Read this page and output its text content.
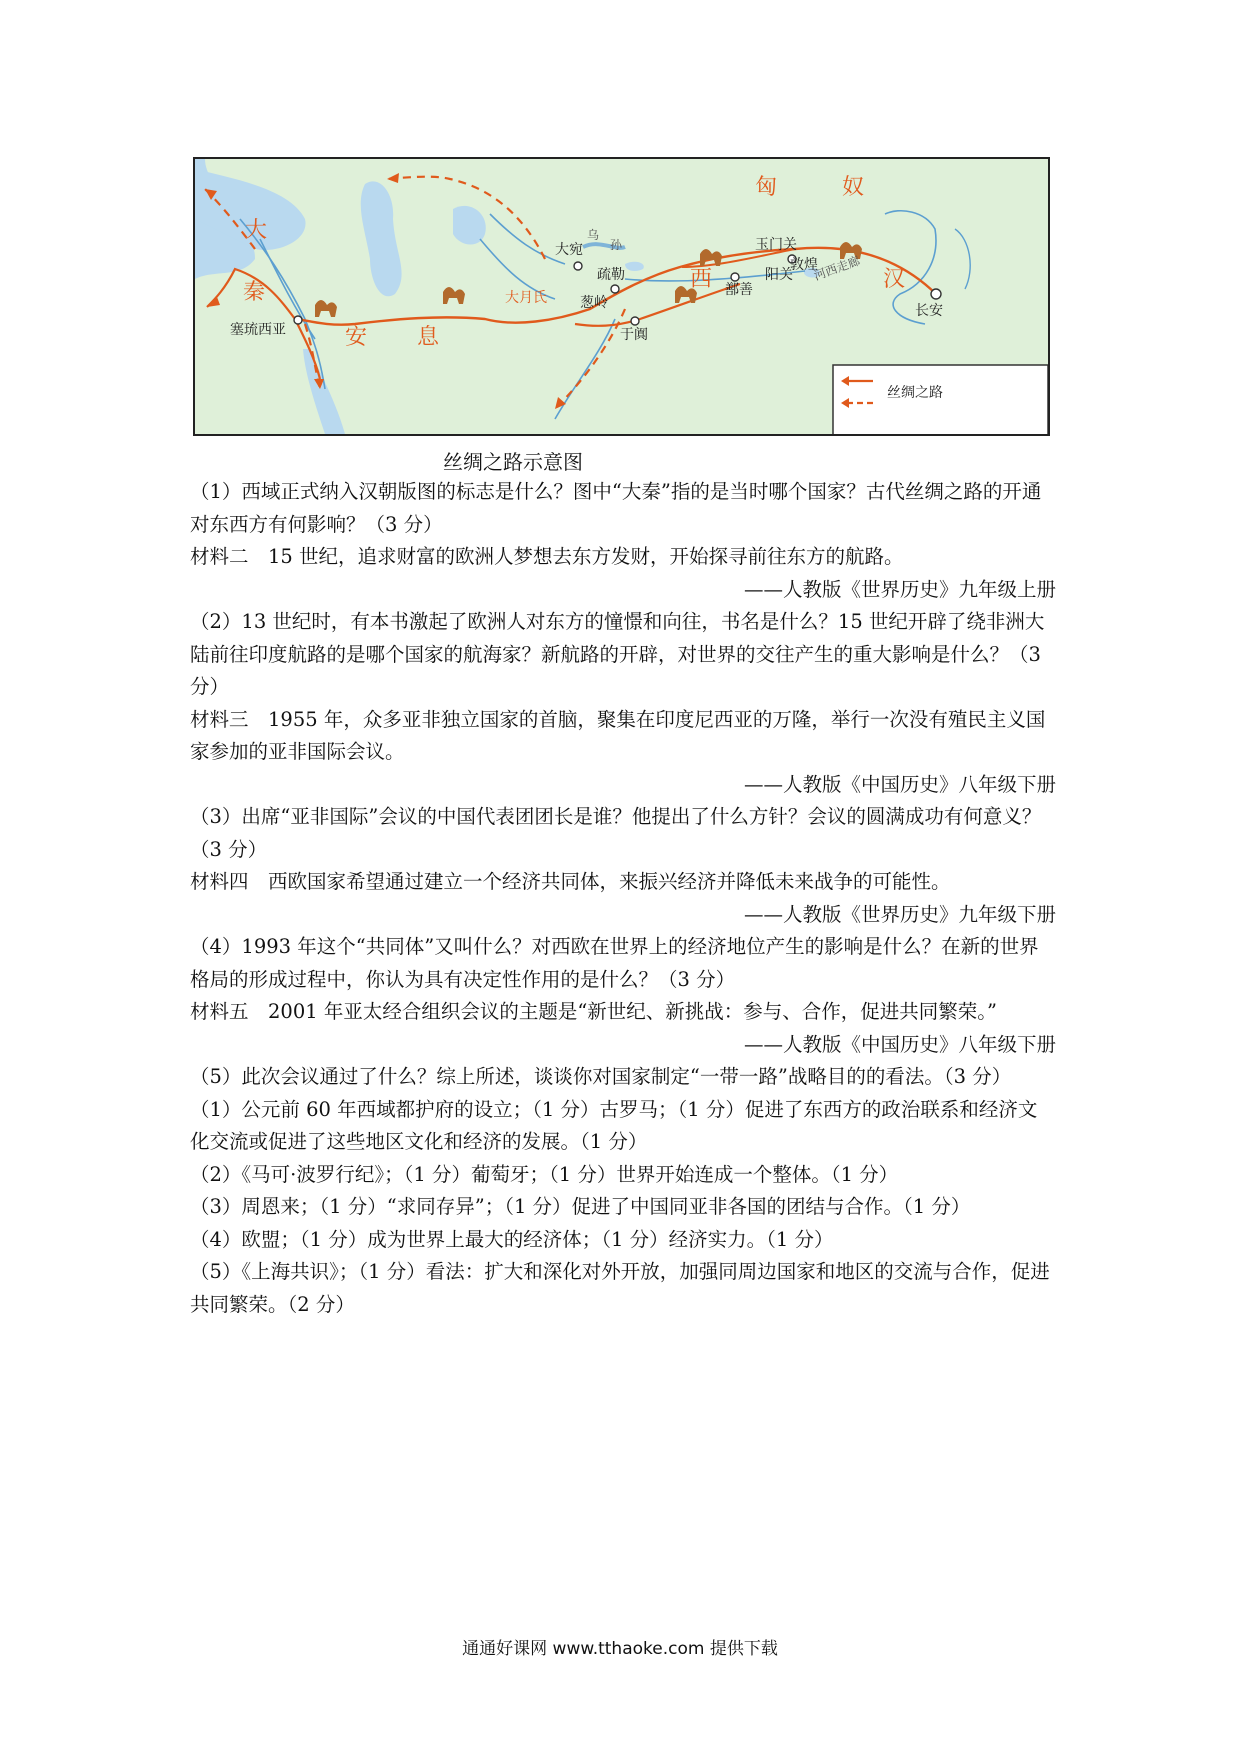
匈	奴
大
秦
安 息
西	汉
乌
孙
大宛
疏勒
葱岭
大月氏
玉门关
敦煌
阳关
鄯善
于阗
河西走廊
长安
塞琉西亚
丝绸之路
丝绸之路示意图

（1）西域正式纳入汉朝版图的标志是什么？图中“大秦”指的是当时哪个国家？古代丝绸之路的开通对东西方有何影响？（3 分）

材料二　15 世纪，追求财富的欧洲人梦想去东方发财，开始探寻前往东方的航路。

——人教版《世界历史》九年级上册

（2）13 世纪时，有本书激起了欧洲人对东方的憧憬和向往，书名是什么？15 世纪开辟了绕非洲大陆前往印度航路的是哪个国家的航海家？新航路的开辟，对世界的交往产生的重大影响是什么？（3 分）

材料三　1955 年，众多亚非独立国家的首脑，聚集在印度尼西亚的万隆，举行一次没有殖民主义国家参加的亚非国际会议。

——人教版《中国历史》八年级下册

（3）出席“亚非国际”会议的中国代表团团长是谁？他提出了什么方针？会议的圆满成功有何意义？（3 分）

材料四　西欧国家希望通过建立一个经济共同体，来振兴经济并降低未来战争的可能性。

——人教版《世界历史》九年级下册

（4）1993 年这个“共同体”又叫什么？对西欧在世界上的经济地位产生的影响是什么？在新的世界格局的形成过程中，你认为具有决定性作用的是什么？（3 分）

材料五　2001 年亚太经合组织会议的主题是“新世纪、新挑战：参与、合作，促进共同繁荣。”

——人教版《中国历史》八年级下册

（5）此次会议通过了什么？综上所述，谈谈你对国家制定“一带一路”战略目的的看法。（3 分）

（1）公元前 60 年西域都护府的设立；（1 分）古罗马；（1 分）促进了东西方的政治联系和经济文化交流或促进了这些地区文化和经济的发展。（1 分）

（2）《马可·波罗行纪》；（1 分）葡萄牙；（1 分）世界开始连成一个整体。（1 分）

（3）周恩来；（1 分）“求同存异”；（1 分）促进了中国同亚非各国的团结与合作。（1 分）

（4）欧盟；（1 分）成为世界上最大的经济体；（1 分）经济实力。（1 分）

（5）《上海共识》；（1 分）看法：扩大和深化对外开放，加强同周边国家和地区的交流与合作，促进共同繁荣。（2 分）

通通好课网 www.tthaoke.com 提供下载
